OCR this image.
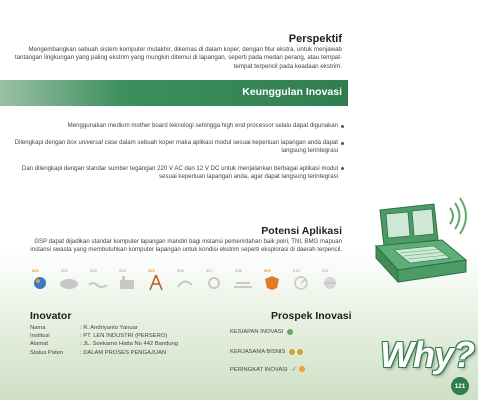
Perspektif
Mengembangkan sebuah sistem komputer mutakhir, dikemas di dalam koper, dengan fitur ekstra, untuk menjawab tantangan lingkungan yang paling ekstrim yang mungkin ditemui di lapangan, seperti pada medan perang, atau tempat-tempat terpencil pada keadaan ekstrim.
Keunggulan Inovasi
Menggunakan medium mother board teknologi sehingga high end processor selalu dapat digunakan
Dilengkapi dengan box universal case dalam sebuah koper maka aplikasi modul sesuai keperluan lapangan anda dapat langsung terintegrasi
Dan dilengkapi dengan standar sumber tegangan 220 V AC dan 12 V DC untuk menjalankan berbagai aplikasi modul sesuai keperluan lapangan anda, agar dapat langsung terintegrasi
Potensi Aplikasi
GSP dapat dijadikan standar komputer lapangan mandiri bagi instansi pemerintahan baik polri, TNI, BMG mapuan instansi swasta yang membutuhkan komputer lapangan untuk kondisi ekstrim seperti eksplorasi di daerah terpencil.
001	002	003	004	005	006	007	008	009	010	011
Inovator
Nama	: R. Andriyanto Yanuar
Institusi	: PT. LEN INDUSTRI (PERSERO)
Alamat	: JL. Soekarno Hatta No 442 Bandung
Status Paten	: DALAM PROSES PENGAJUAN
Prospek Inovasi
KESIAPAN INOVASI
KERJASAMA BISNIS
PERINGKAT INOVASI ✓ Why?
121
